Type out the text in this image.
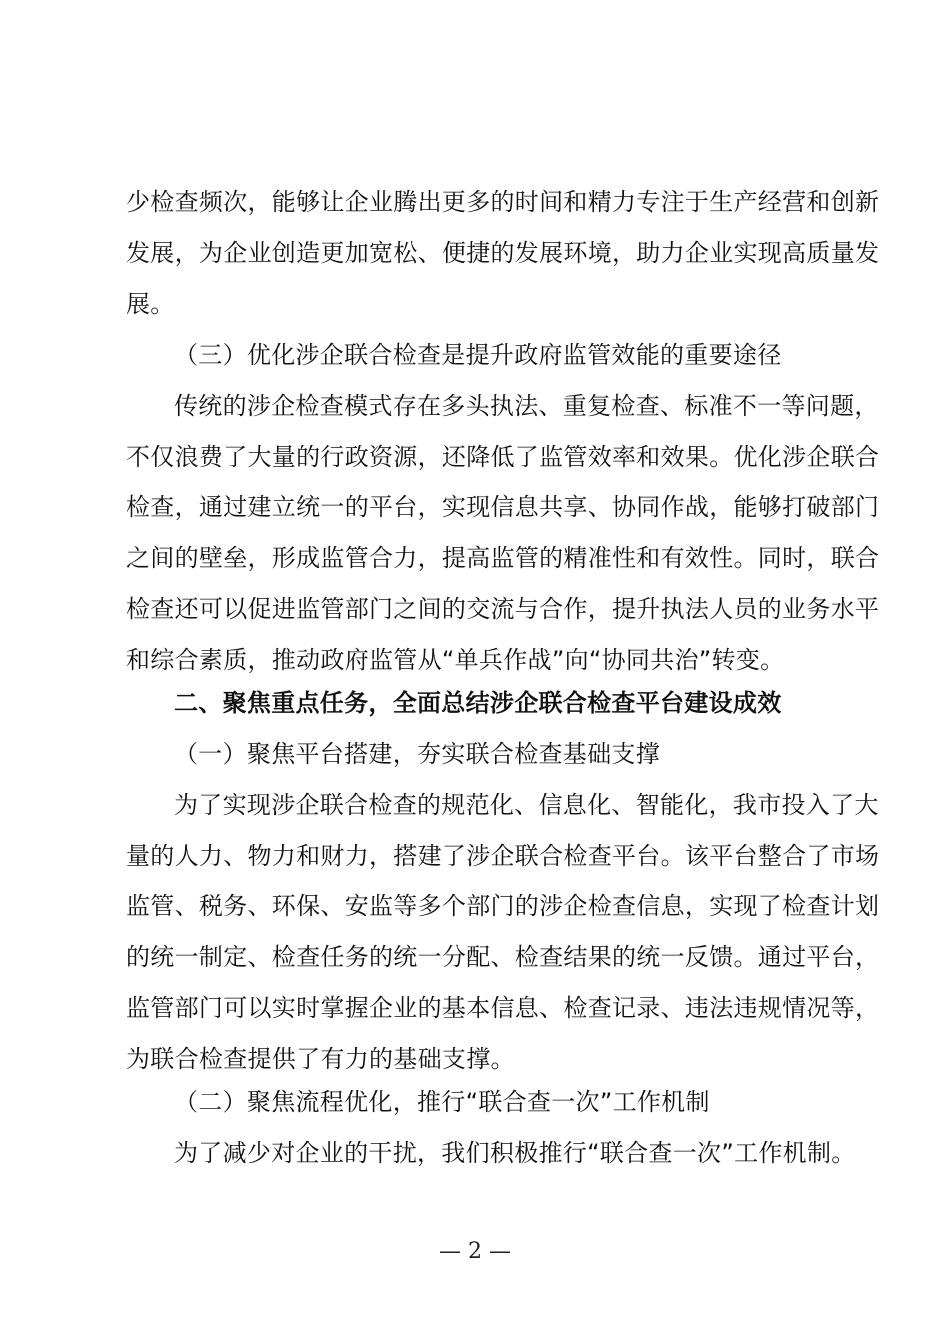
少检查频次，能够让企业腾出更多的时间和精力专注于生产经营和创新
发展，为企业创造更加宽松、便捷的发展环境，助力企业实现高质量发
展。
（三）优化涉企联合检查是提升政府监管效能的重要途径
传统的涉企检查模式存在多头执法、重复检查、标准不一等问题，
不仅浪费了大量的行政资源，还降低了监管效率和效果。优化涉企联合
检查，通过建立统一的平台，实现信息共享、协同作战，能够打破部门
之间的壁垒，形成监管合力，提高监管的精准性和有效性。同时，联合
检查还可以促进监管部门之间的交流与合作，提升执法人员的业务水平
和综合素质，推动政府监管从“单兵作战”向“协同共治”转变。
二、聚焦重点任务，全面总结涉企联合检查平台建设成效
（一）聚焦平台搭建，夯实联合检查基础支撑
为了实现涉企联合检查的规范化、信息化、智能化，我市投入了大
量的人力、物力和财力，搭建了涉企联合检查平台。该平台整合了市场
监管、税务、环保、安监等多个部门的涉企检查信息，实现了检查计划
的统一制定、检查任务的统一分配、检查结果的统一反馈。通过平台，
监管部门可以实时掌握企业的基本信息、检查记录、违法违规情况等，
为联合检查提供了有力的基础支撑。
（二）聚焦流程优化，推行“联合查一次”工作机制
为了减少对企业的干扰，我们积极推行“联合查一次”工作机制。
— 2 —
